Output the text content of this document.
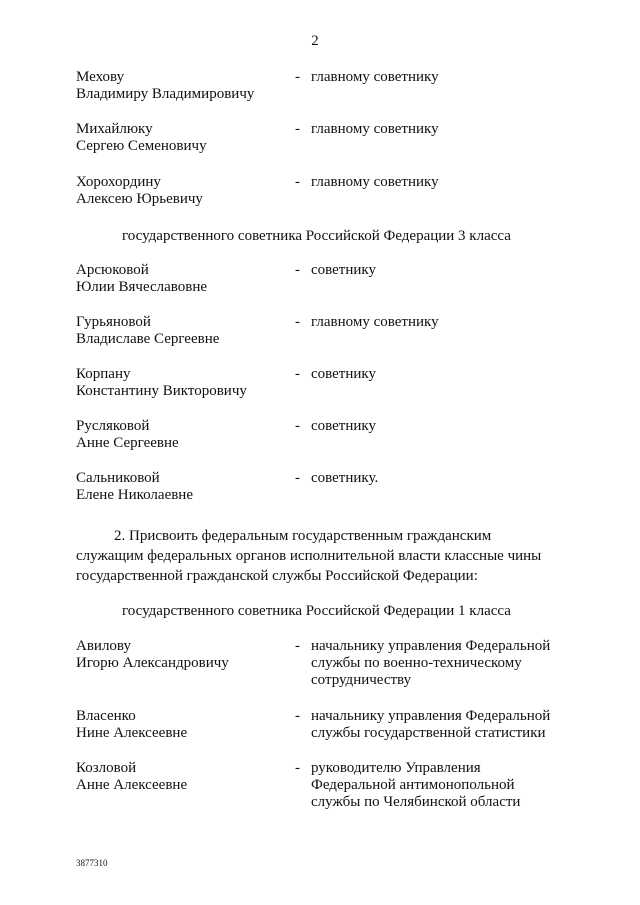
2
Мехову
Владимиру Владимировичу
- главному советнику
Михайлюку
Сергею Семеновичу
- главному советнику
Хорохордину
Алексею Юрьевичу
- главному советнику
государственного советника Российской Федерации 3 класса
Арсюковой
Юлии Вячеславовне
- советнику
Гурьяновой
Владиславе Сергеевне
- главному советнику
Корпану
Константину Викторовичу
- советнику
Русляковой
Анне Сергеевне
- советнику
Сальниковой
Елене Николаевне
- советнику.
2. Присвоить федеральным государственным гражданским
служащим федеральных органов исполнительной власти классные чины
государственной гражданской службы Российской Федерации:
государственного советника Российской Федерации 1 класса
Авилову
Игорю Александровичу
- начальнику управления Федеральной
службы по военно-техническому
сотрудничеству
Власенко
Нине Алексеевне
- начальнику управления Федеральной
службы государственной статистики
Козловой
Анне Алексеевне
- руководителю Управления
Федеральной антимонопольной
службы по Челябинской области
3877310
